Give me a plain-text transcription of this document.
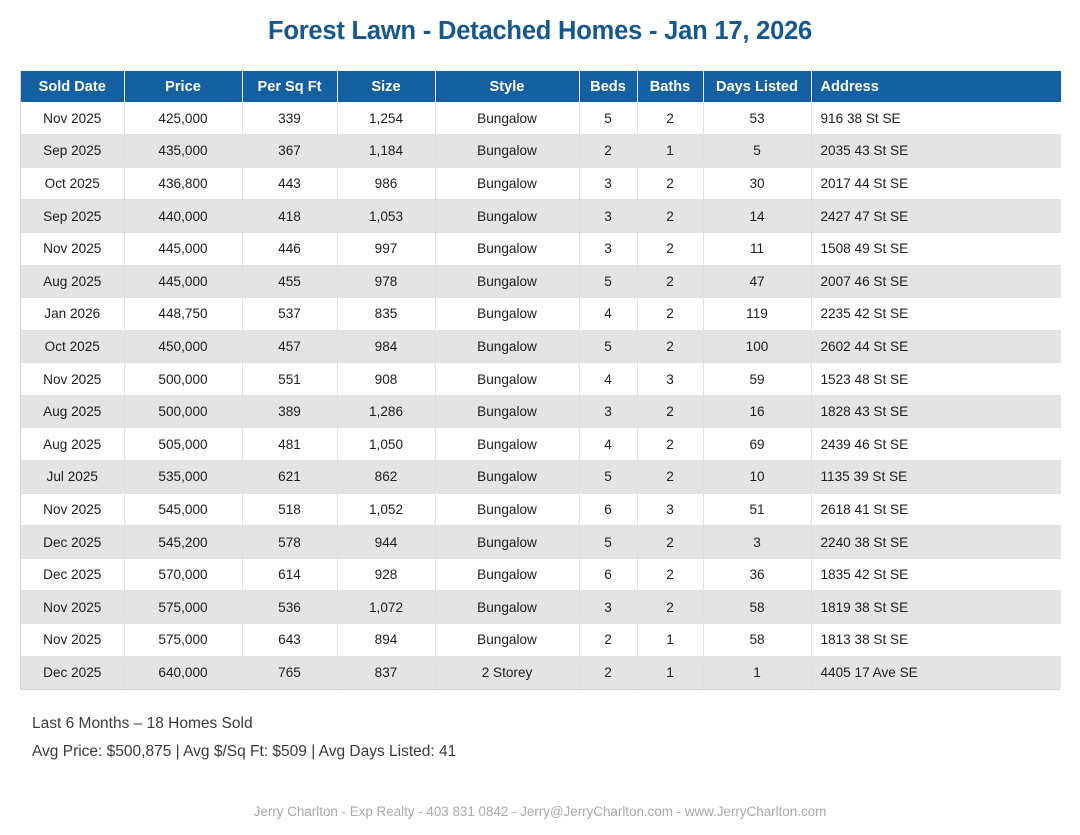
Forest Lawn - Detached Homes - Jan 17, 2026
Sold Date	Price	Per Sq Ft	Size	Style	Beds	Baths	Days Listed	Address
Nov 2025	425,000	339	1,254	Bungalow	5	2	53	916 38 St SE
Sep 2025	435,000	367	1,184	Bungalow	2	1	5	2035 43 St SE
Oct 2025	436,800	443	986	Bungalow	3	2	30	2017 44 St SE
Sep 2025	440,000	418	1,053	Bungalow	3	2	14	2427 47 St SE
Nov 2025	445,000	446	997	Bungalow	3	2	11	1508 49 St SE
Aug 2025	445,000	455	978	Bungalow	5	2	47	2007 46 St SE
Jan 2026	448,750	537	835	Bungalow	4	2	119	2235 42 St SE
Oct 2025	450,000	457	984	Bungalow	5	2	100	2602 44 St SE
Nov 2025	500,000	551	908	Bungalow	4	3	59	1523 48 St SE
Aug 2025	500,000	389	1,286	Bungalow	3	2	16	1828 43 St SE
Aug 2025	505,000	481	1,050	Bungalow	4	2	69	2439 46 St SE
Jul 2025	535,000	621	862	Bungalow	5	2	10	1135 39 St SE
Nov 2025	545,000	518	1,052	Bungalow	6	3	51	2618 41 St SE
Dec 2025	545,200	578	944	Bungalow	5	2	3	2240 38 St SE
Dec 2025	570,000	614	928	Bungalow	6	2	36	1835 42 St SE
Nov 2025	575,000	536	1,072	Bungalow	3	2	58	1819 38 St SE
Nov 2025	575,000	643	894	Bungalow	2	1	58	1813 38 St SE
Dec 2025	640,000	765	837	2 Storey	2	1	1	4405 17 Ave SE
Last 6 Months – 18 Homes Sold
Avg Price: $500,875 | Avg $/Sq Ft: $509 | Avg Days Listed: 41
Jerry Charlton - Exp Realty - 403 831 0842 - Jerry@JerryCharlton.com - www.JerryCharlton.com
